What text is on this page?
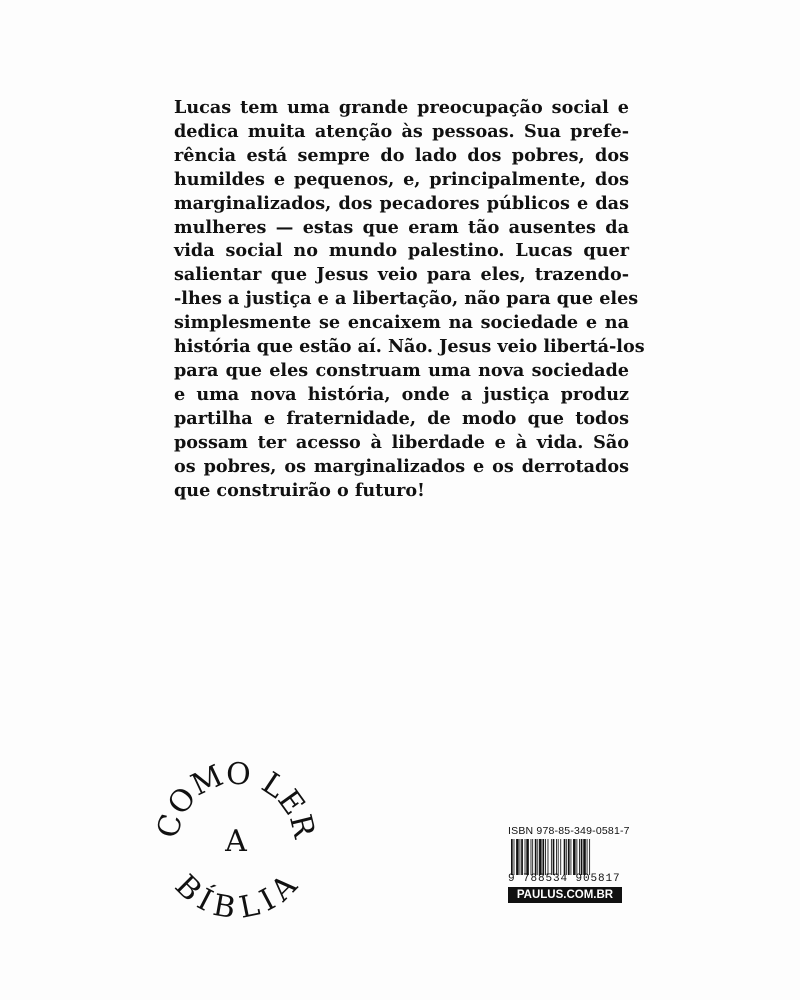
Lucas tem uma grande preocupação social e
dedica muita atenção às pessoas. Sua prefe-
rência está sempre do lado dos pobres, dos
humildes e pequenos, e, principalmente, dos
marginalizados, dos pecadores públicos e das
mulheres — estas que eram tão ausentes da
vida social no mundo palestino. Lucas quer
salientar que Jesus veio para eles, trazendo-
-lhes a justiça e a libertação, não para que eles
simplesmente se encaixem na sociedade e na
história que estão aí. Não. Jesus veio libertá-los
para que eles construam uma nova sociedade
e uma nova história, onde a justiça produz
partilha e fraternidade, de modo que todos
possam ter acesso à liberdade e à vida. São
os pobres, os marginalizados e os derrotados
que construirão o futuro!
COMO LER
A
BÍBLIA
ISBN 978-85-349-0581-7
9 788534 905817
PAULUS.COM.BR
